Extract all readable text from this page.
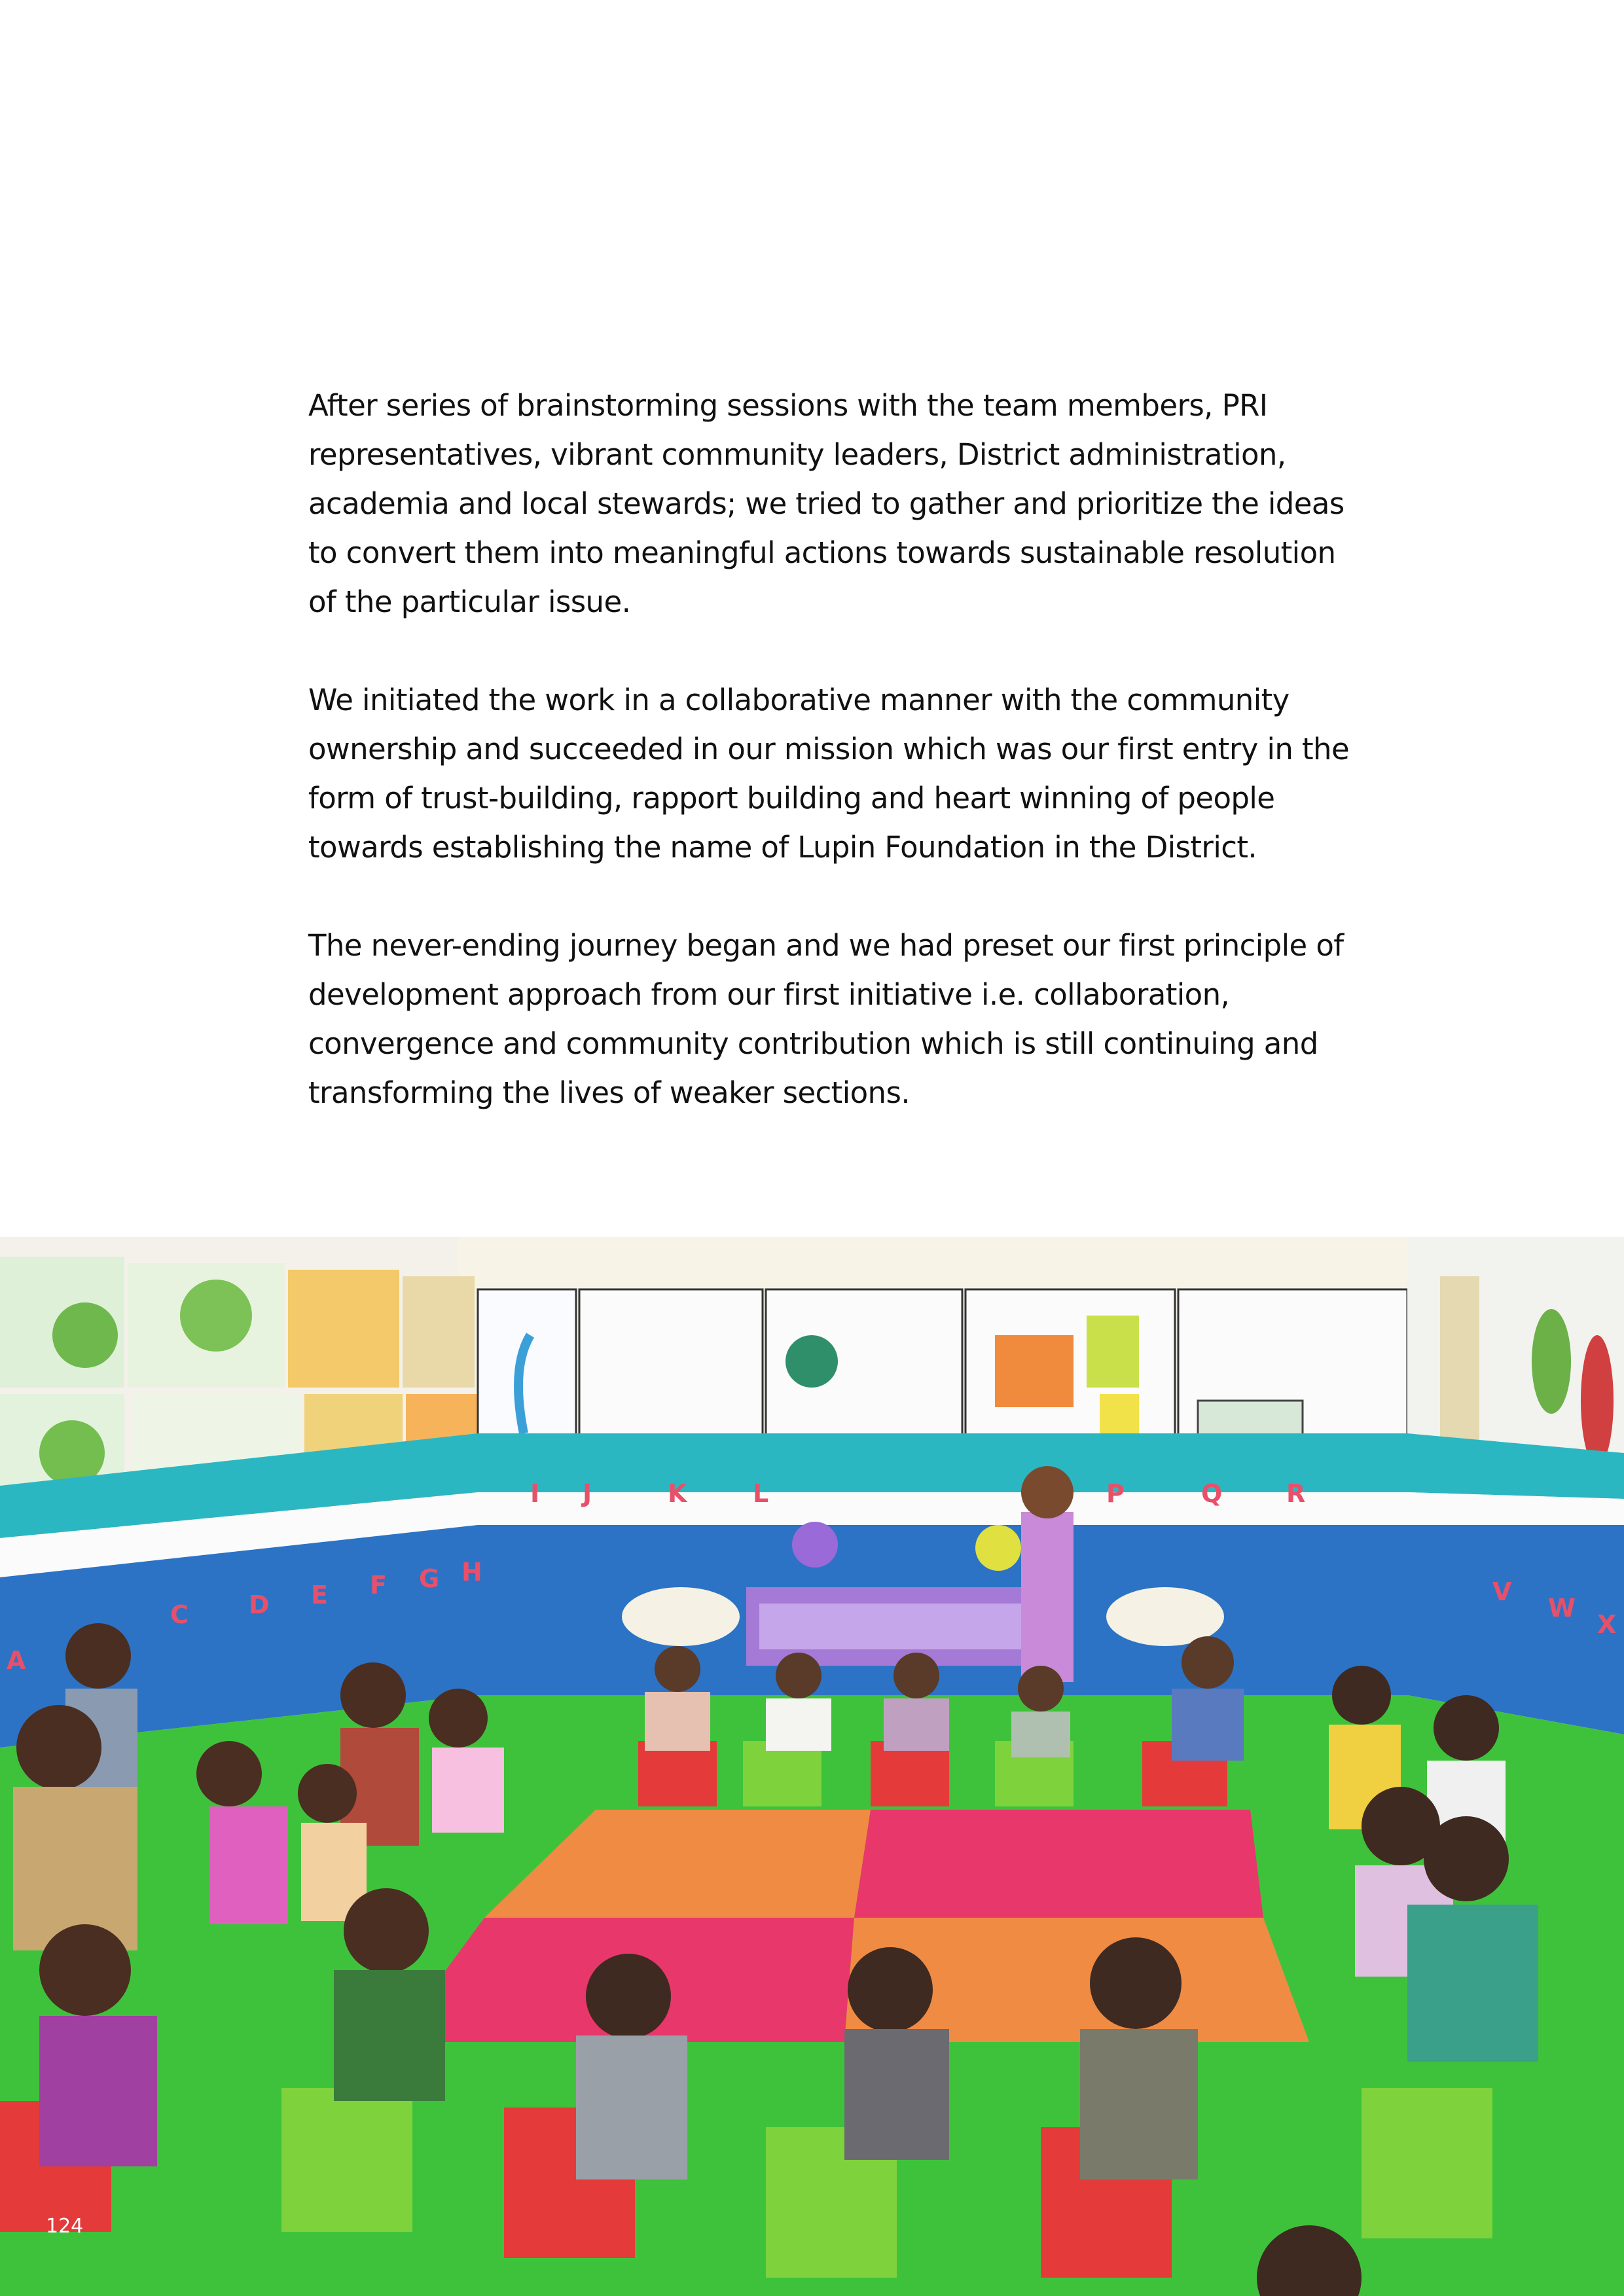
After series of brainstorming sessions with the team members, PRI representatives, vibrant community leaders, District administration, academia and local stewards; we tried to gather and prioritize the ideas to convert them into meaningful actions towards sustainable resolution of the particular issue.

We initiated the work in a collaborative manner with the community ownership and succeeded in our mission which was our first entry in the form of trust-building, rapport building and heart winning of people towards establishing the name of Lupin Foundation in the District.

The never-ending journey began and we had preset our first principle of development approach from our first initiative i.e. collaboration, convergence and community contribution which is still continuing and transforming the lives of weaker sections.

A
C D E F G H
I J	K	L	P	Q	R
V
W
X
124
